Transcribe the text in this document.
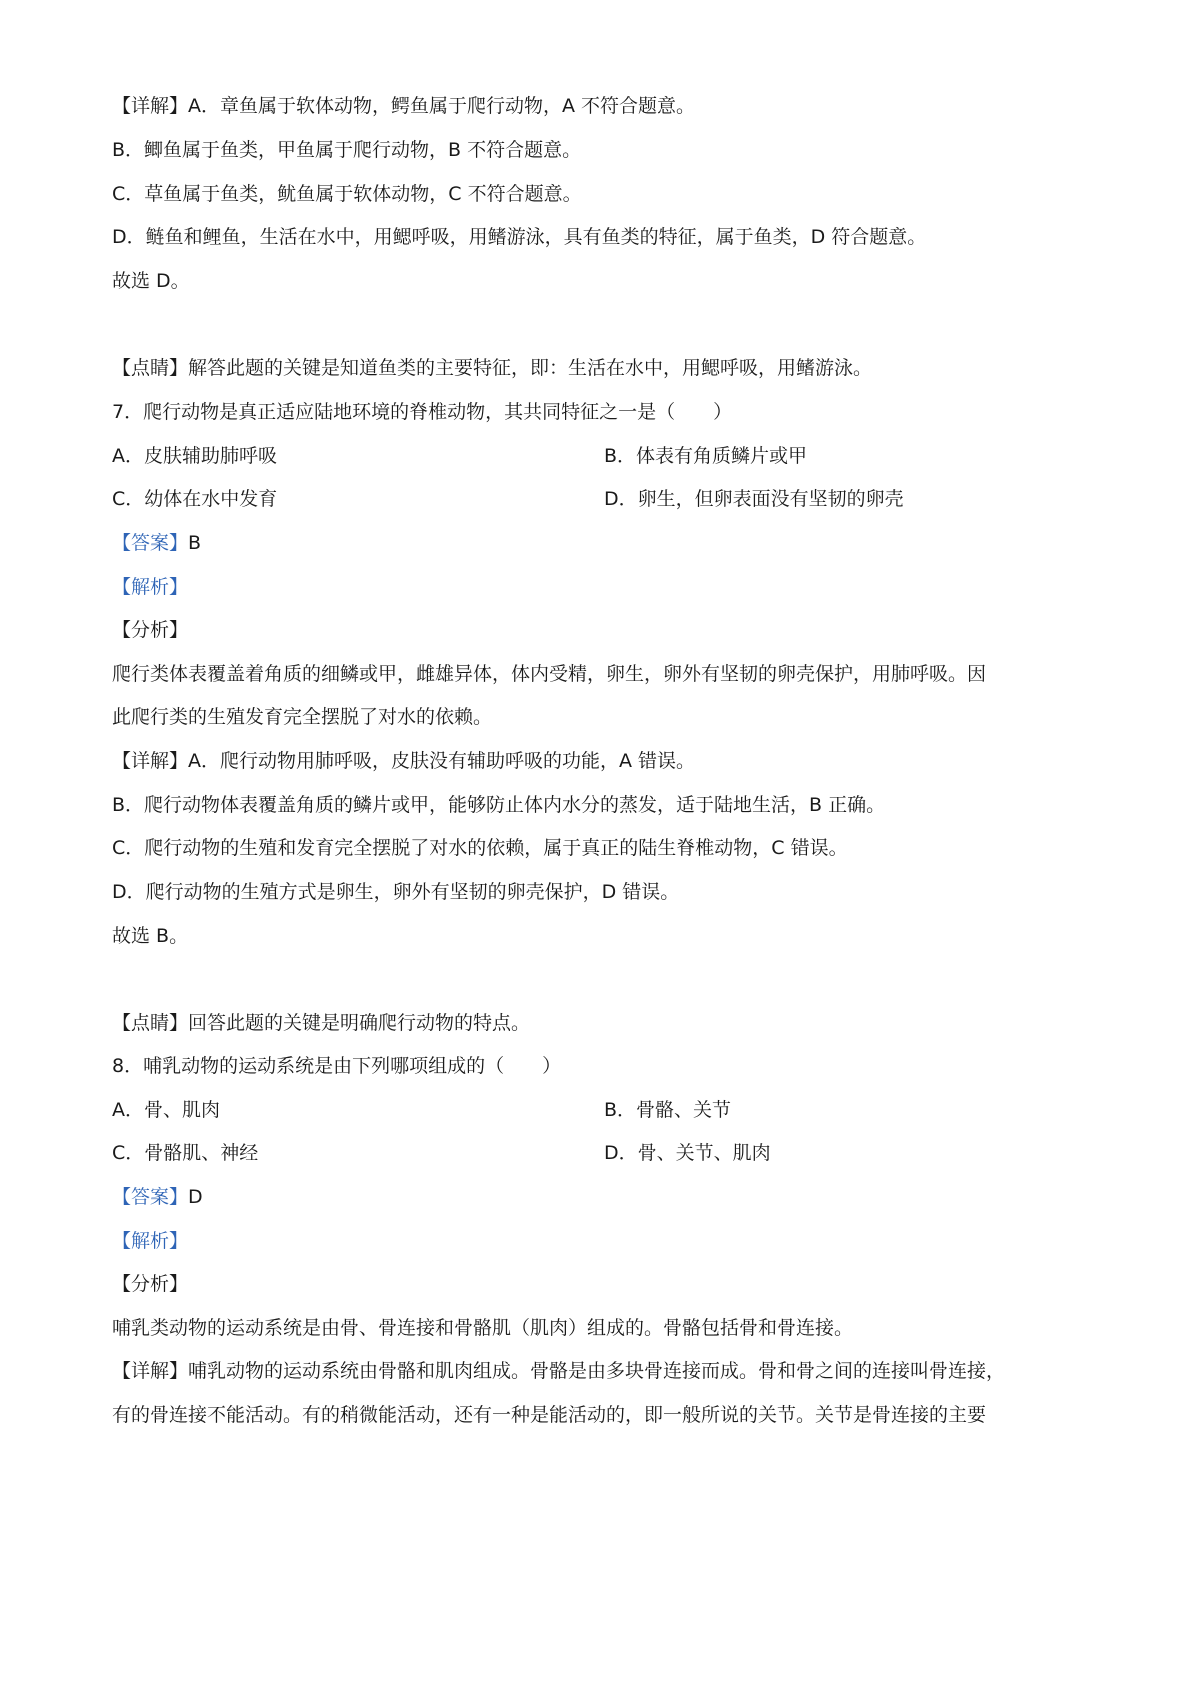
【详解】A．章鱼属于软体动物，鳄鱼属于爬行动物，A 不符合题意。
B．鲫鱼属于鱼类，甲鱼属于爬行动物，B 不符合题意。
C．草鱼属于鱼类，鱿鱼属于软体动物，C 不符合题意。
D．鲢鱼和鲤鱼，生活在水中，用鳃呼吸，用鳍游泳，具有鱼类的特征，属于鱼类，D 符合题意。
故选 D。
【点睛】解答此题的关键是知道鱼类的主要特征，即：生活在水中，用鳃呼吸，用鳍游泳。
7．爬行动物是真正适应陆地环境的脊椎动物，其共同特征之一是（　　）
A．皮肤辅助肺呼吸	B．体表有角质鳞片或甲
C．幼体在水中发育	D．卵生，但卵表面没有坚韧的卵壳
【答案】B
【解析】
【分析】
爬行类体表覆盖着角质的细鳞或甲，雌雄异体，体内受精，卵生，卵外有坚韧的卵壳保护，用肺呼吸。因
此爬行类的生殖发育完全摆脱了对水的依赖。
【详解】A．爬行动物用肺呼吸，皮肤没有辅助呼吸的功能，A 错误。
B．爬行动物体表覆盖角质的鳞片或甲，能够防止体内水分的蒸发，适于陆地生活，B 正确。
C．爬行动物的生殖和发育完全摆脱了对水的依赖，属于真正的陆生脊椎动物，C 错误。
D．爬行动物的生殖方式是卵生，卵外有坚韧的卵壳保护，D 错误。
故选 B。
【点睛】回答此题的关键是明确爬行动物的特点。
8．哺乳动物的运动系统是由下列哪项组成的（　　）
A．骨、肌肉	B．骨骼、关节
C．骨骼肌、神经	D．骨、关节、肌肉
【答案】D
【解析】
【分析】
哺乳类动物的运动系统是由骨、骨连接和骨骼肌（肌肉）组成的。骨骼包括骨和骨连接。
【详解】哺乳动物的运动系统由骨骼和肌肉组成。骨骼是由多块骨连接而成。骨和骨之间的连接叫骨连接，
有的骨连接不能活动。有的稍微能活动，还有一种是能活动的，即一般所说的关节。关节是骨连接的主要
